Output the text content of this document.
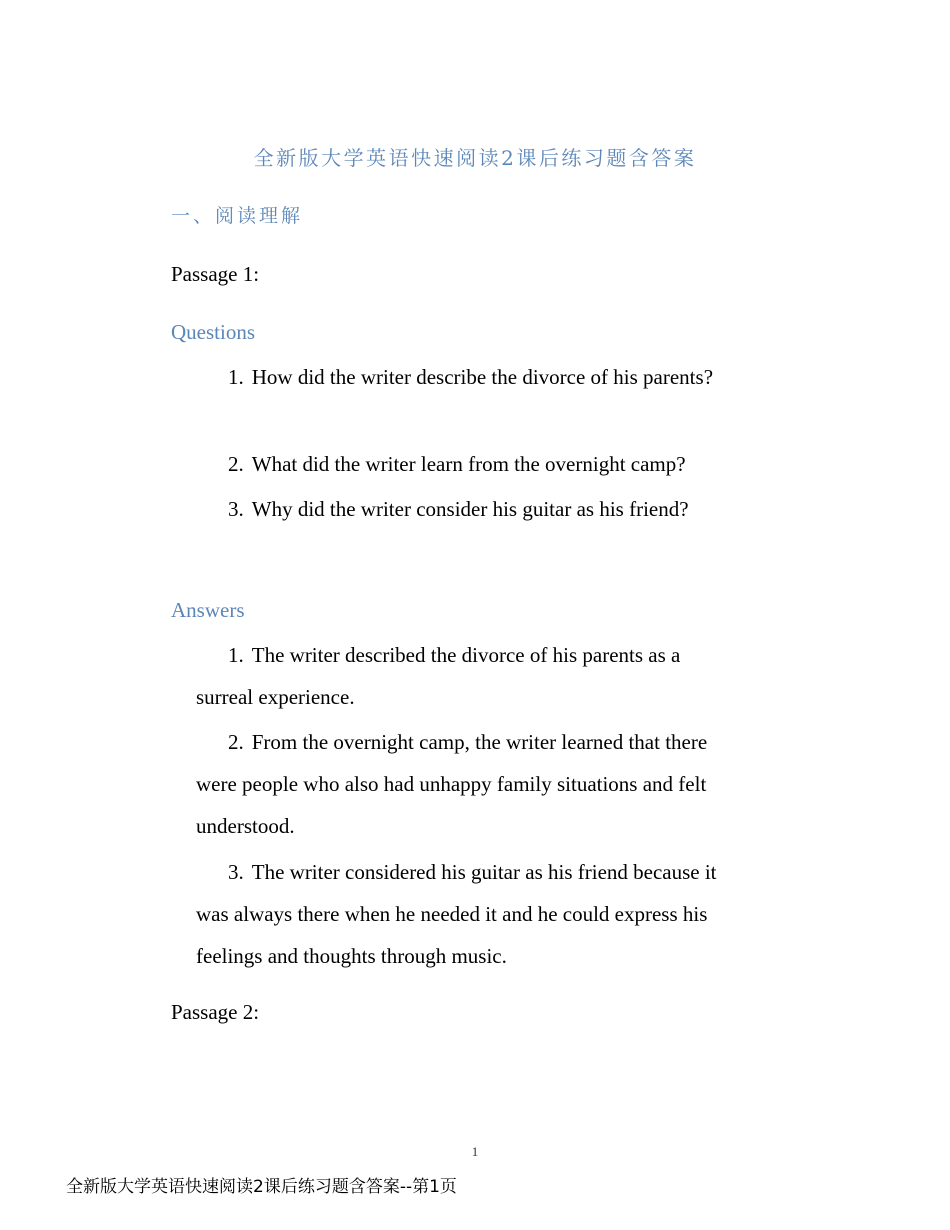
全新版大学英语快速阅读2课后练习题含答案
一、阅读理解
Passage 1:
Questions
1. How did the writer describe the divorce of his parents?
2. What did the writer learn from the overnight camp?
3. Why did the writer consider his guitar as his friend?
Answers
1. The writer described the divorce of his parents as a surreal experience.
2. From the overnight camp, the writer learned that there were people who also had unhappy family situations and felt understood.
3. The writer considered his guitar as his friend because it was always there when he needed it and he could express his feelings and thoughts through music.
Passage 2:
1
全新版大学英语快速阅读2课后练习题含答案--第1页
